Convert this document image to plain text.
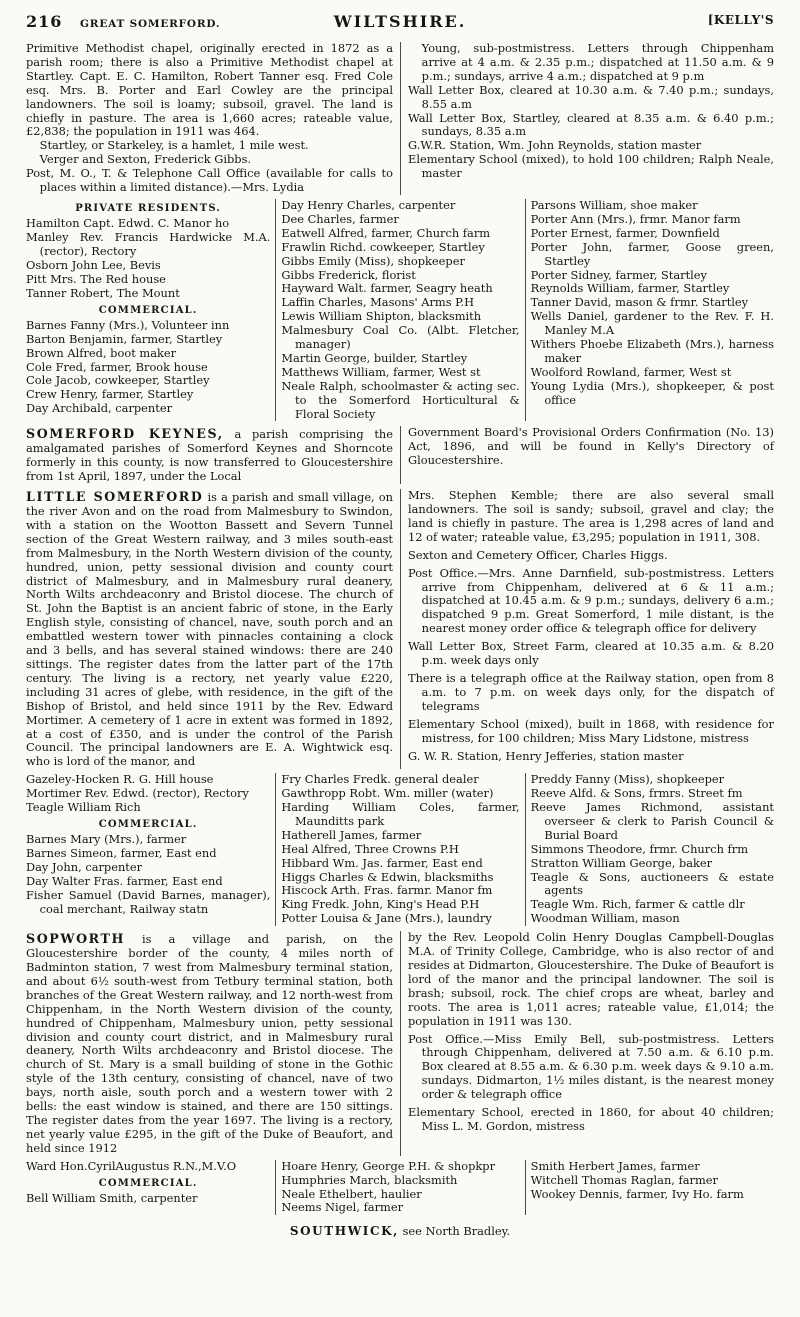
216 GREAT SOMERFORD.	WILTSHIRE.	[KELLY'S

Primitive Methodist chapel, originally erected in 1872 as a parish room; there is also a Primitive Methodist chapel at Startley. Capt. E. C. Hamilton, Robert Tanner esq. Fred Cole esq. Mrs. B. Porter and Earl Cowley are the principal landowners. The soil is loamy; subsoil, gravel. The land is chiefly in pasture. The area is 1,660 acres; rateable value, £2,838; the population in 1911 was 464.

Startley, or Starkeley, is a hamlet, 1 mile west.

Verger and Sexton, Frederick Gibbs.

Post, M. O., T. & Telephone Call Office (available for calls to places within a limited distance).—Mrs. Lydia

Young, sub-postmistress. Letters through Chippenham arrive at 4 a.m. & 2.35 p.m.; dispatched at 11.50 a.m. & 9 p.m.; sundays, arrive 4 a.m.; dispatched at 9 p.m

Wall Letter Box, cleared at 10.30 a.m. & 7.40 p.m.; sundays, 8.55 a.m

Wall Letter Box, Startley, cleared at 8.35 a.m. & 6.40 p.m.; sundays, 8.35 a.m

G.W.R. Station, Wm. John Reynolds, station master

Elementary School (mixed), to hold 100 children; Ralph Neale, master

PRIVATE RESIDENTS.

Hamilton Capt. Edwd. C. Manor ho

Manley Rev. Francis Hardwicke M.A. (rector), Rectory

Osborn John Lee, Bevis

Pitt Mrs. The Red house

Tanner Robert, The Mount

COMMERCIAL.

Barnes Fanny (Mrs.), Volunteer inn

Barton Benjamin, farmer, Startley

Brown Alfred, boot maker

Cole Fred, farmer, Brook house

Cole Jacob, cowkeeper, Startley

Crew Henry, farmer, Startley

Day Archibald, carpenter

Day Henry Charles, carpenter

Dee Charles, farmer

Eatwell Alfred, farmer, Church farm

Frawlin Richd. cowkeeper, Startley

Gibbs Emily (Miss), shopkeeper

Gibbs Frederick, florist

Hayward Walt. farmer, Seagry heath

Laffin Charles, Masons' Arms P.H

Lewis William Shipton, blacksmith

Malmesbury Coal Co. (Albt. Fletcher, manager)

Martin George, builder, Startley

Matthews William, farmer, West st

Neale Ralph, schoolmaster & acting sec. to the Somerford Horticultural & Floral Society

Parsons William, shoe maker

Porter Ann (Mrs.), frmr. Manor farm

Porter Ernest, farmer, Downfield

Porter John, farmer, Goose green, Startley

Porter Sidney, farmer, Startley

Reynolds William, farmer, Startley

Tanner David, mason & frmr. Startley

Wells Daniel, gardener to the Rev. F. H. Manley M.A

Withers Phoebe Elizabeth (Mrs.), harness maker

Woolford Rowland, farmer, West st

Young Lydia (Mrs.), shopkeeper, & post office

SOMERFORD KEYNES, a parish comprising the amalgamated parishes of Somerford Keynes and Shorncote formerly in this county, is now transferred to Gloucestershire from 1st April, 1897, under the Local

Government Board's Provisional Orders Confirmation (No. 13) Act, 1896, and will be found in Kelly's Directory of Gloucestershire.

LITTLE SOMERFORD is a parish and small village, on the river Avon and on the road from Malmesbury to Swindon, with a station on the Wootton Bassett and Severn Tunnel section of the Great Western railway, and 3 miles south-east from Malmesbury, in the North Western division of the county, hundred, union, petty sessional division and county court district of Malmesbury, and in Malmesbury rural deanery, North Wilts archdeaconry and Bristol diocese. The church of St. John the Baptist is an ancient fabric of stone, in the Early English style, consisting of chancel, nave, south porch and an embattled western tower with pinnacles containing a clock and 3 bells, and has several stained windows: there are 240 sittings. The register dates from the latter part of the 17th century. The living is a rectory, net yearly value £220, including 31 acres of glebe, with residence, in the gift of the Bishop of Bristol, and held since 1911 by the Rev. Edward Mortimer. A cemetery of 1 acre in extent was formed in 1892, at a cost of £350, and is under the control of the Parish Council. The principal landowners are E. A. Wightwick esq. who is lord of the manor, and

Mrs. Stephen Kemble; there are also several small landowners. The soil is sandy; subsoil, gravel and clay; the land is chiefly in pasture. The area is 1,298 acres of land and 12 of water; rateable value, £3,295; population in 1911, 308.

Sexton and Cemetery Officer, Charles Higgs.

Post Office.—Mrs. Anne Darnfield, sub-postmistress. Letters arrive from Chippenham, delivered at 6 & 11 a.m.; dispatched at 10.45 a.m. & 9 p.m.; sundays, delivery 6 a.m.; dispatched 9 p.m. Great Somerford, 1 mile distant, is the nearest money order office & telegraph office for delivery

Wall Letter Box, Street Farm, cleared at 10.35 a.m. & 8.20 p.m. week days only

There is a telegraph office at the Railway station, open from 8 a.m. to 7 p.m. on week days only, for the dispatch of telegrams

Elementary School (mixed), built in 1868, with residence for mistress, for 100 children; Miss Mary Lidstone, mistress

G. W. R. Station, Henry Jefferies, station master

Gazeley-Hocken R. G. Hill house

Mortimer Rev. Edwd. (rector), Rectory

Teagle William Rich

COMMERCIAL.

Barnes Mary (Mrs.), farmer

Barnes Simeon, farmer, East end

Day John, carpenter

Day Walter Fras. farmer, East end

Fisher Samuel (David Barnes, manager), coal merchant, Railway statn

Fry Charles Fredk. general dealer

Gawthropp Robt. Wm. miller (water)

Harding William Coles, farmer, Maunditts park

Hatherell James, farmer

Heal Alfred, Three Crowns P.H

Hibbard Wm. Jas. farmer, East end

Higgs Charles & Edwin, blacksmiths

Hiscock Arth. Fras. farmr. Manor fm

King Fredk. John, King's Head P.H

Potter Louisa & Jane (Mrs.), laundry

Preddy Fanny (Miss), shopkeeper

Reeve Alfd. & Sons, frmrs. Street fm

Reeve James Richmond, assistant overseer & clerk to Parish Council & Burial Board

Simmons Theodore, frmr. Church frm

Stratton William George, baker

Teagle & Sons, auctioneers & estate agents

Teagle Wm. Rich, farmer & cattle dlr

Woodman William, mason

SOPWORTH is a village and parish, on the Gloucestershire border of the county, 4 miles north of Badminton station, 7 west from Malmesbury terminal station, and about 6½ south-west from Tetbury terminal station, both branches of the Great Western railway, and 12 north-west from Chippenham, in the North Western division of the county, hundred of Chippenham, Malmesbury union, petty sessional division and county court district, and in Malmesbury rural deanery, North Wilts archdeaconry and Bristol diocese. The church of St. Mary is a small building of stone in the Gothic style of the 13th century, consisting of chancel, nave of two bays, north aisle, south porch and a western tower with 2 bells: the east window is stained, and there are 150 sittings. The register dates from the year 1697. The living is a rectory, net yearly value £295, in the gift of the Duke of Beaufort, and held since 1912

by the Rev. Leopold Colin Henry Douglas Campbell-Douglas M.A. of Trinity College, Cambridge, who is also rector of and resides at Didmarton, Gloucestershire. The Duke of Beaufort is lord of the manor and the principal landowner. The soil is brash; subsoil, rock. The chief crops are wheat, barley and roots. The area is 1,011 acres; rateable value, £1,014; the population in 1911 was 130.

Post Office.—Miss Emily Bell, sub-postmistress. Letters through Chippenham, delivered at 7.50 a.m. & 6.10 p.m. Box cleared at 8.55 a.m. & 6.30 p.m. week days & 9.10 a.m. sundays. Didmarton, 1½ miles distant, is the nearest money order & telegraph office

Elementary School, erected in 1860, for about 40 children; Miss L. M. Gordon, mistress

Ward Hon.CyrilAugustus R.N.,M.V.O

COMMERCIAL.

Bell William Smith, carpenter

Hoare Henry, George P.H. & shopkpr

Humphries March, blacksmith

Neale Ethelbert, haulier

Neems Nigel, farmer

Smith Herbert James, farmer

Witchell Thomas Raglan, farmer

Wookey Dennis, farmer, Ivy Ho. farm

SOUTHWICK, see North Bradley.
